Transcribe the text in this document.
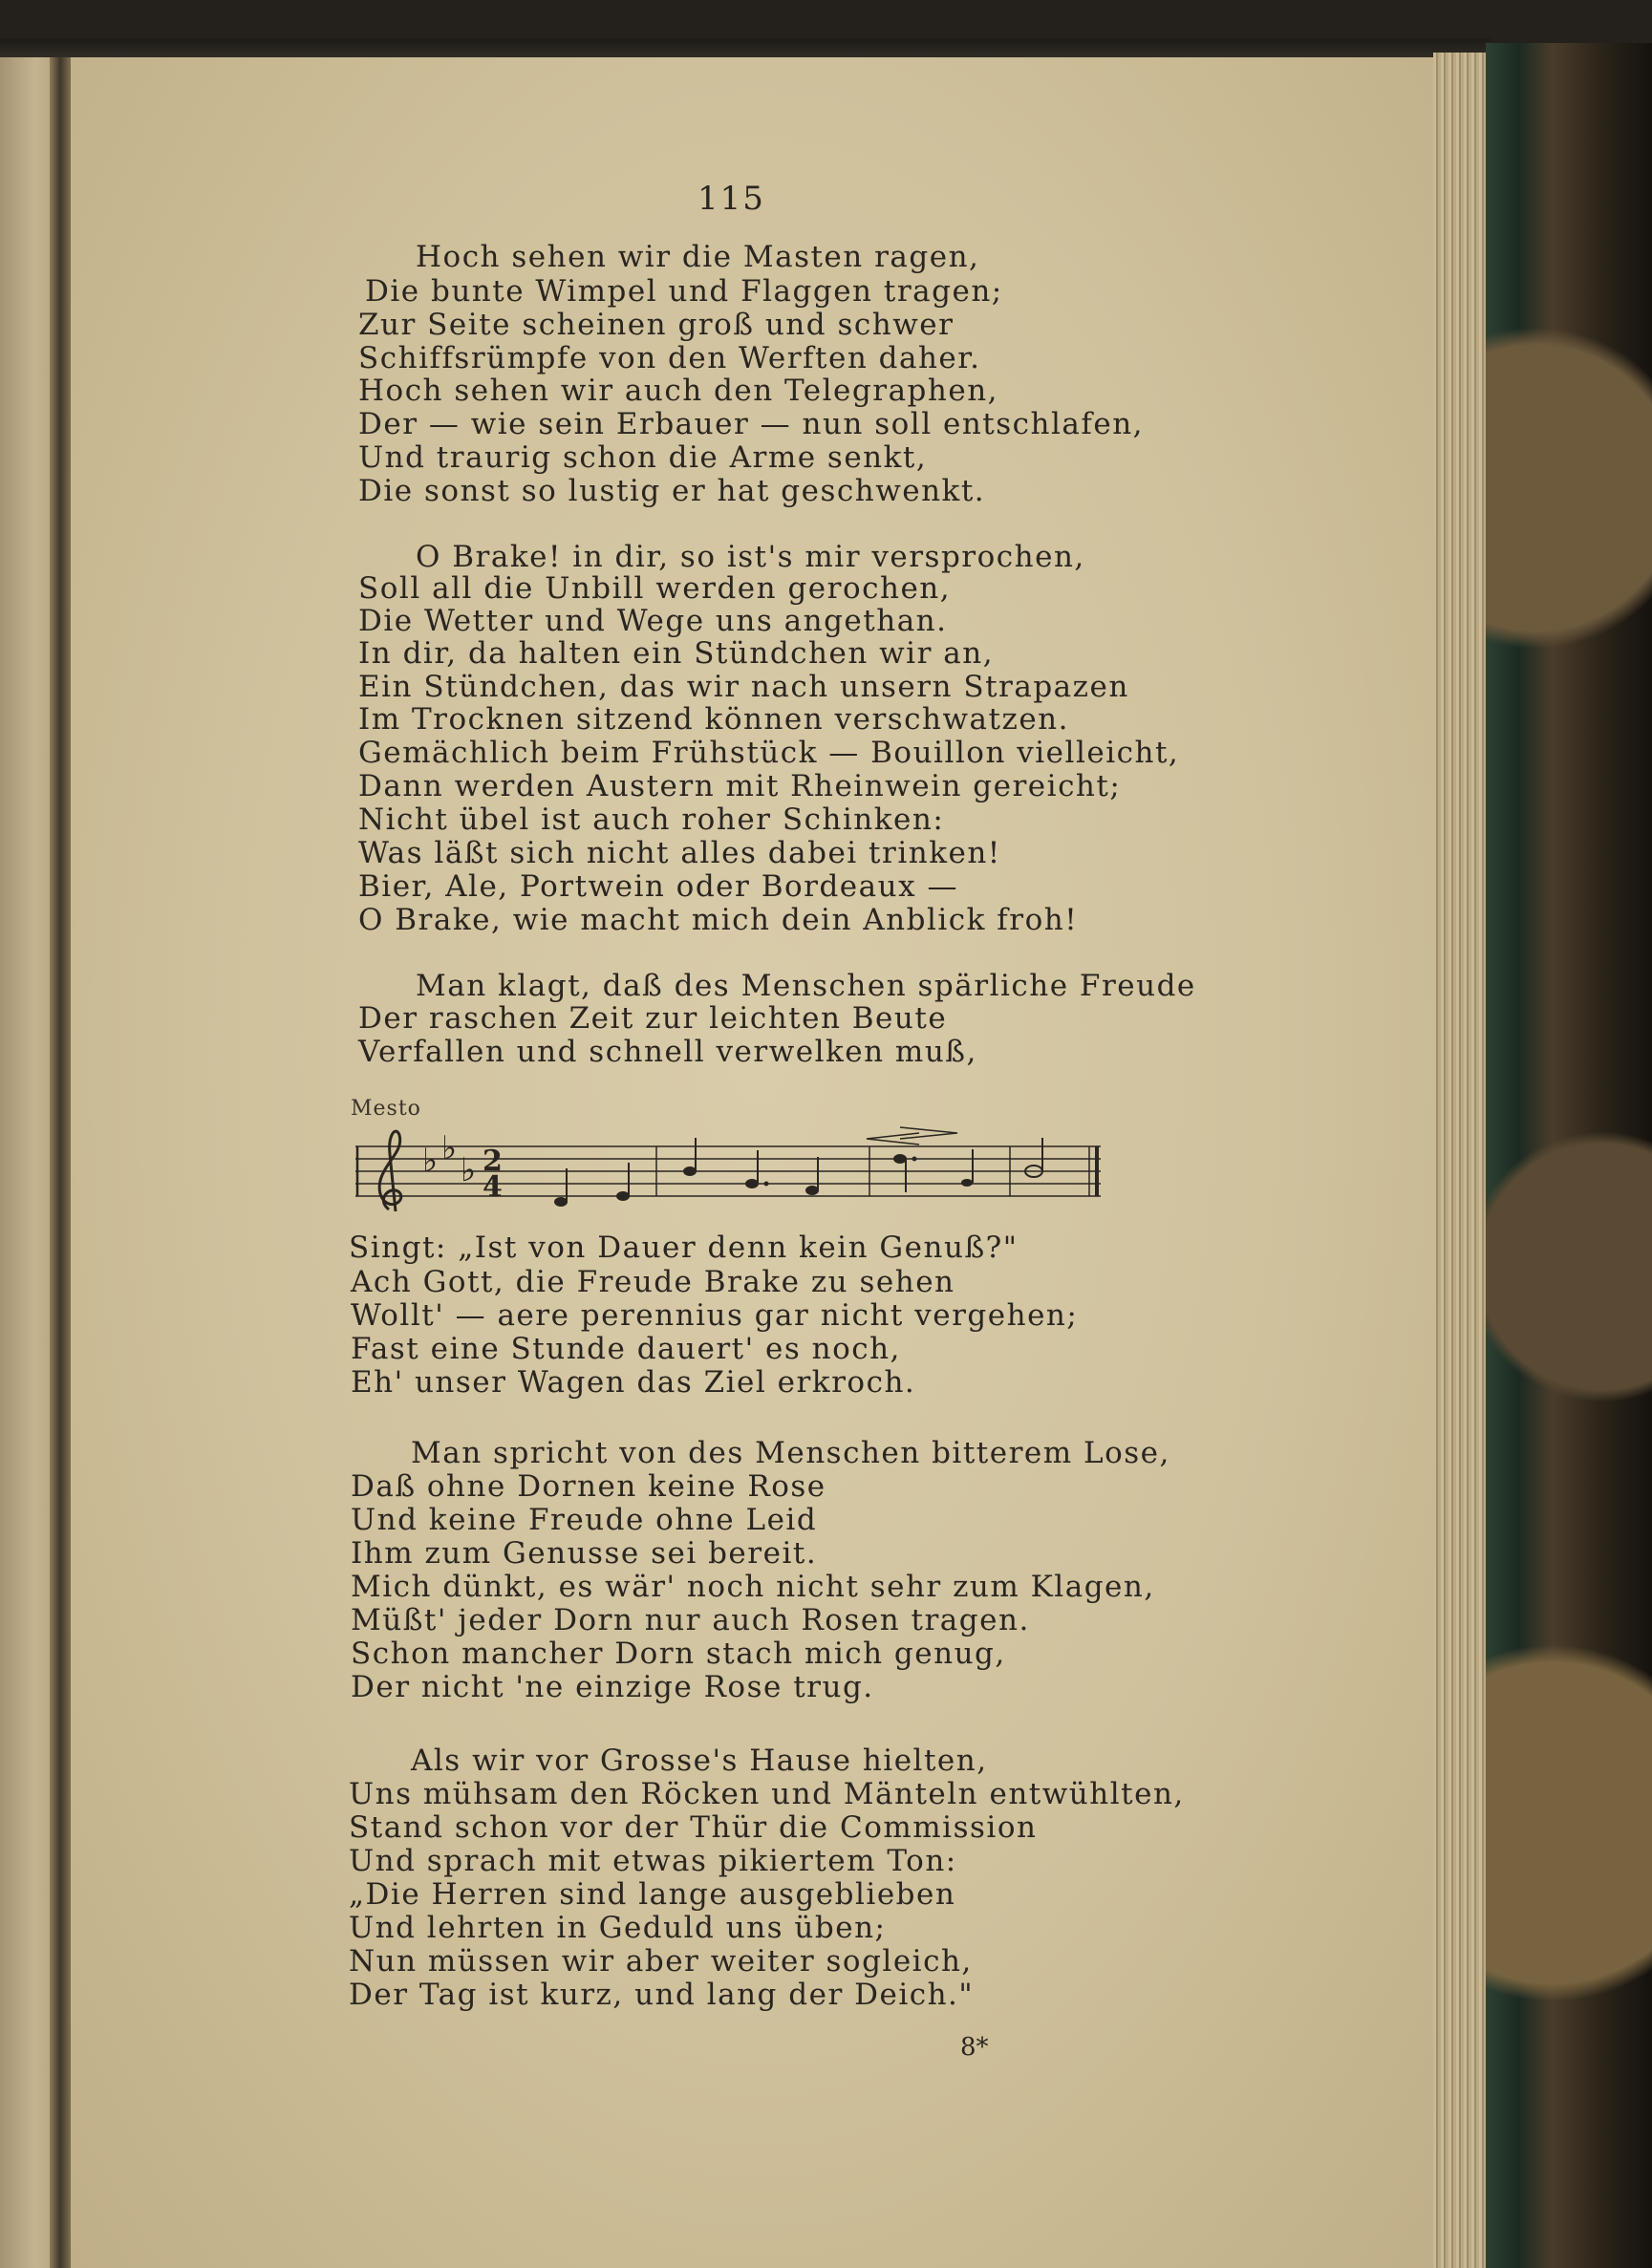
115
Hoch sehen wir die Masten ragen,
Die bunte Wimpel und Flaggen tragen;
Zur Seite scheinen groß und schwer
Schiffsrümpfe von den Werften daher.
Hoch sehen wir auch den Telegraphen,
Der — wie sein Erbauer — nun soll entschlafen,
Und traurig schon die Arme senkt,
Die sonst so lustig er hat geschwenkt.
O Brake! in dir, so ist's mir versprochen,
Soll all die Unbill werden gerochen,
Die Wetter und Wege uns angethan.
In dir, da halten ein Stündchen wir an,
Ein Stündchen, das wir nach unsern Strapazen
Im Trocknen sitzend können verschwatzen.
Gemächlich beim Frühstück — Bouillon vielleicht,
Dann werden Austern mit Rheinwein gereicht;
Nicht übel ist auch roher Schinken:
Was läßt sich nicht alles dabei trinken!
Bier, Ale, Portwein oder Bordeaux —
O Brake, wie macht mich dein Anblick froh!
Man klagt, daß des Menschen spärliche Freude
Der raschen Zeit zur leichten Beute
Verfallen und schnell verwelken muß,
Singt: „Ist von Dauer denn kein Genuß?"
Ach Gott, die Freude Brake zu sehen
Wollt' — aere perennius gar nicht vergehen;
Fast eine Stunde dauert' es noch,
Eh' unser Wagen das Ziel erkroch.
Man spricht von des Menschen bitterem Lose,
Daß ohne Dornen keine Rose
Und keine Freude ohne Leid
Ihm zum Genusse sei bereit.
Mich dünkt, es wär' noch nicht sehr zum Klagen,
Müßt' jeder Dorn nur auch Rosen tragen.
Schon mancher Dorn stach mich genug,
Der nicht 'ne einzige Rose trug.
Als wir vor Grosse's Hause hielten,
Uns mühsam den Röcken und Mänteln entwühlten,
Stand schon vor der Thür die Commission
Und sprach mit etwas pikiertem Ton:
„Die Herren sind lange ausgeblieben
Und lehrten in Geduld uns üben;
Nun müssen wir aber weiter sogleich,
Der Tag ist kurz, und lang der Deich."
Mesto
♭ ♭
♭ 2
4
8*
